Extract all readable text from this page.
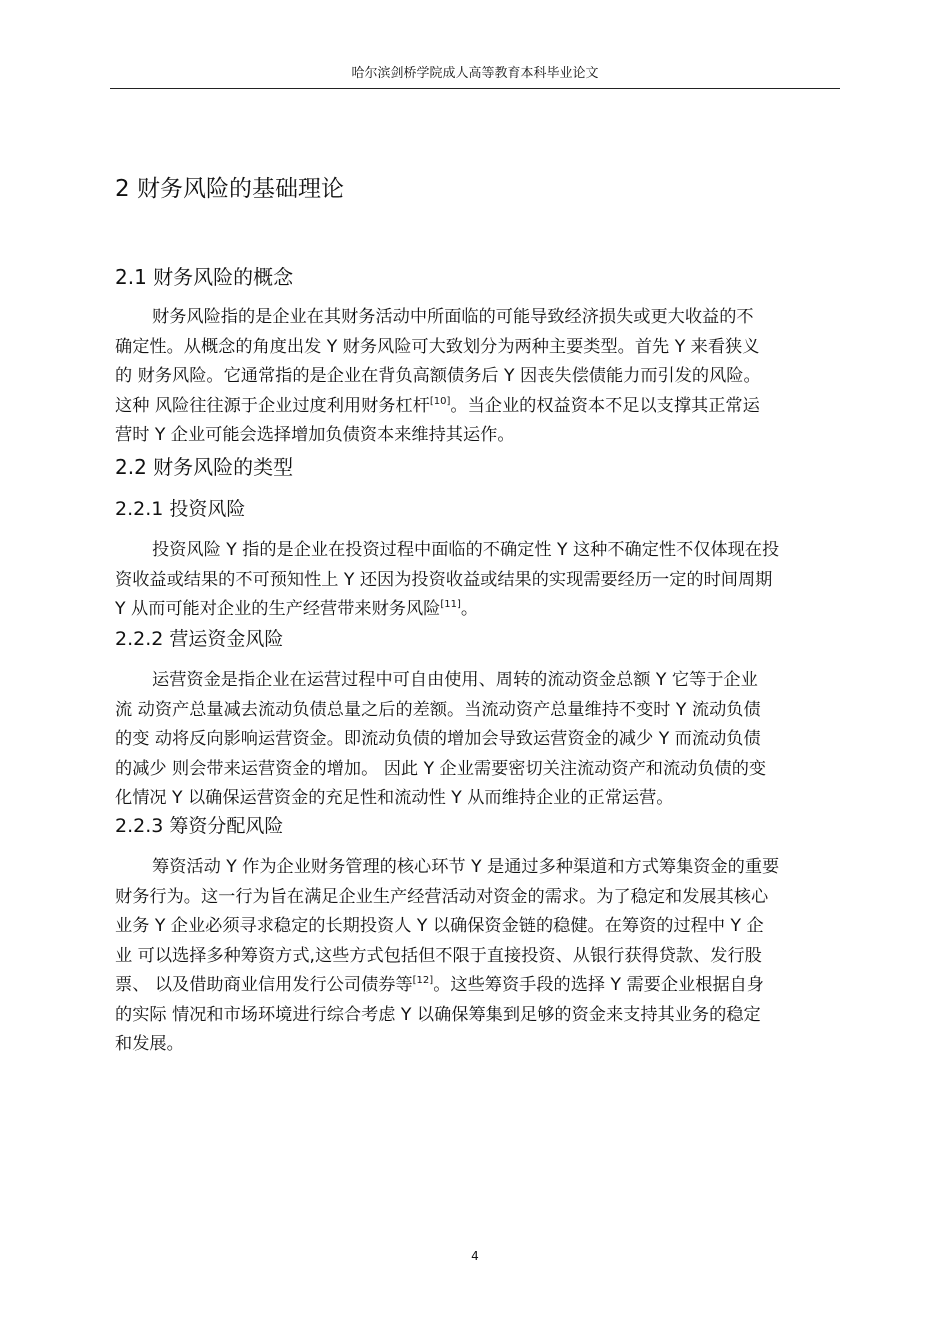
哈尔滨剑桥学院成人高等教育本科毕业论文
2 财务风险的基础理论
2.1 财务风险的概念

财务风险指的是企业在其财务活动中所面临的可能导致经济损失或更大收益的不
确定性。从概念的角度出发 Y 财务风险可大致划分为两种主要类型。首先 Y 来看狭义
的 财务风险。它通常指的是企业在背负高额债务后 Y 因丧失偿债能力而引发的风险。
这种 风险往往源于企业过度利用财务杠杆[10]。当企业的权益资本不足以支撑其正常运
营时 Y 企业可能会选择增加负债资本来维持其运作。

2.2 财务风险的类型
2.2.1 投资风险

投资风险 Y 指的是企业在投资过程中面临的不确定性 Y 这种不确定性不仅体现在投
资收益或结果的不可预知性上 Y 还因为投资收益或结果的实现需要经历一定的时间周期
Y 从而可能对企业的生产经营带来财务风险[11]。

2.2.2 营运资金风险

运营资金是指企业在运营过程中可自由使用、周转的流动资金总额 Y 它等于企业
流 动资产总量减去流动负债总量之后的差额。当流动资产总量维持不变时 Y 流动负债
的变 动将反向影响运营资金。即流动负债的增加会导致运营资金的减少 Y 而流动负债
的减少 则会带来运营资金的增加。 因此 Y 企业需要密切关注流动资产和流动负债的变
化情况 Y 以确保运营资金的充足性和流动性 Y 从而维持企业的正常运营。

2.2.3 筹资分配风险

筹资活动 Y 作为企业财务管理的核心环节 Y 是通过多种渠道和方式筹集资金的重要
财务行为。这一行为旨在满足企业生产经营活动对资金的需求。为了稳定和发展其核心
业务 Y 企业必须寻求稳定的长期投资人 Y 以确保资金链的稳健。在筹资的过程中 Y 企
业 可以选择多种筹资方式,这些方式包括但不限于直接投资、从银行获得贷款、发行股
票、 以及借助商业信用发行公司债券等[12]。这些筹资手段的选择 Y 需要企业根据自身
的实际 情况和市场环境进行综合考虑 Y 以确保筹集到足够的资金来支持其业务的稳定
和发展。

4
